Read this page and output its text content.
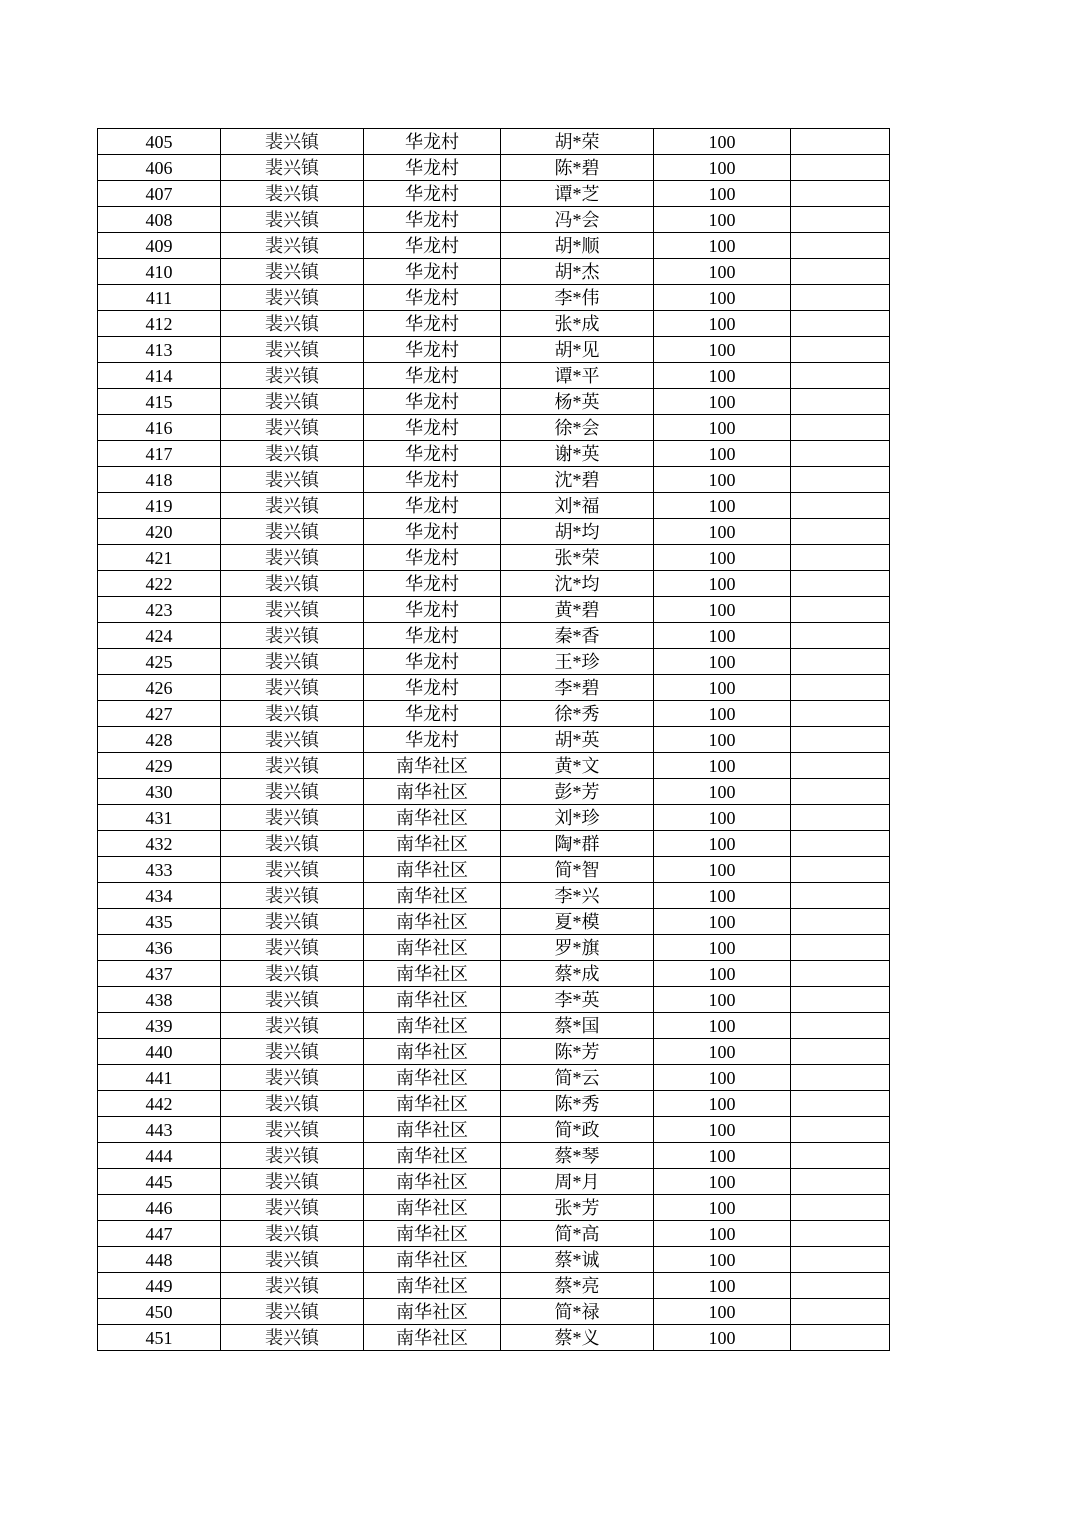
405	裴兴镇	华龙村	胡*荣	100	
406	裴兴镇	华龙村	陈*碧	100	
407	裴兴镇	华龙村	谭*芝	100	
408	裴兴镇	华龙村	冯*会	100	
409	裴兴镇	华龙村	胡*顺	100	
410	裴兴镇	华龙村	胡*杰	100	
411	裴兴镇	华龙村	李*伟	100	
412	裴兴镇	华龙村	张*成	100	
413	裴兴镇	华龙村	胡*见	100	
414	裴兴镇	华龙村	谭*平	100	
415	裴兴镇	华龙村	杨*英	100	
416	裴兴镇	华龙村	徐*会	100	
417	裴兴镇	华龙村	谢*英	100	
418	裴兴镇	华龙村	沈*碧	100	
419	裴兴镇	华龙村	刘*福	100	
420	裴兴镇	华龙村	胡*均	100	
421	裴兴镇	华龙村	张*荣	100	
422	裴兴镇	华龙村	沈*均	100	
423	裴兴镇	华龙村	黄*碧	100	
424	裴兴镇	华龙村	秦*香	100	
425	裴兴镇	华龙村	王*珍	100	
426	裴兴镇	华龙村	李*碧	100	
427	裴兴镇	华龙村	徐*秀	100	
428	裴兴镇	华龙村	胡*英	100	
429	裴兴镇	南华社区	黄*文	100	
430	裴兴镇	南华社区	彭*芳	100	
431	裴兴镇	南华社区	刘*珍	100	
432	裴兴镇	南华社区	陶*群	100	
433	裴兴镇	南华社区	简*智	100	
434	裴兴镇	南华社区	李*兴	100	
435	裴兴镇	南华社区	夏*模	100	
436	裴兴镇	南华社区	罗*旗	100	
437	裴兴镇	南华社区	蔡*成	100	
438	裴兴镇	南华社区	李*英	100	
439	裴兴镇	南华社区	蔡*国	100	
440	裴兴镇	南华社区	陈*芳	100	
441	裴兴镇	南华社区	简*云	100	
442	裴兴镇	南华社区	陈*秀	100	
443	裴兴镇	南华社区	简*政	100	
444	裴兴镇	南华社区	蔡*琴	100	
445	裴兴镇	南华社区	周*月	100	
446	裴兴镇	南华社区	张*芳	100	
447	裴兴镇	南华社区	简*高	100	
448	裴兴镇	南华社区	蔡*诚	100	
449	裴兴镇	南华社区	蔡*亮	100	
450	裴兴镇	南华社区	简*禄	100	
451	裴兴镇	南华社区	蔡*义	100	
